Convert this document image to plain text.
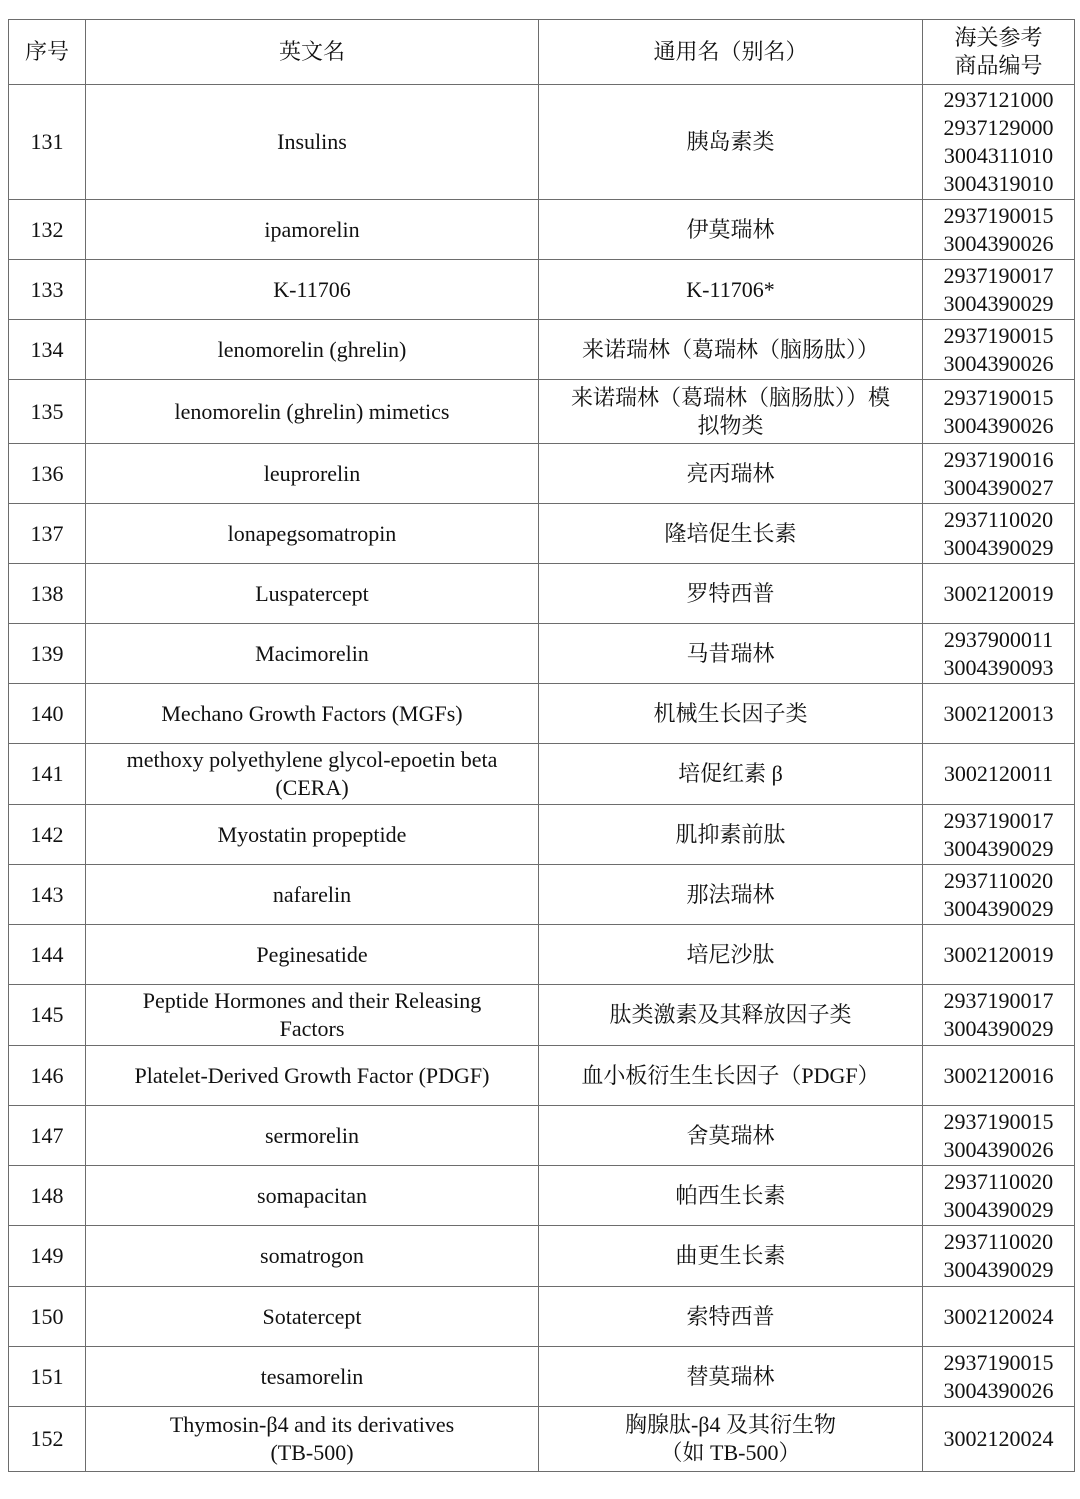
序号	英文名	通用名（别名）	海关参考
商品编号

131	Insulins	胰岛素类	2937121000
2937129000
3004311010
3004319010

132	ipamorelin	伊莫瑞林	2937190015
3004390026

133	K-11706	K-11706*	2937190017
3004390029

134	lenomorelin (ghrelin)	来诺瑞林（葛瑞林（脑肠肽））	2937190015
3004390026

135	lenomorelin (ghrelin) mimetics	来诺瑞林（葛瑞林（脑肠肽））模
拟物类	2937190015
3004390026

136	leuprorelin	亮丙瑞林	2937190016
3004390027

137	lonapegsomatropin	隆培促生长素	2937110020
3004390029

138	Luspatercept	罗特西普	3002120019

139	Macimorelin	马昔瑞林	2937900011
3004390093

140	Mechano Growth Factors (MGFs)	机械生长因子类	3002120013

141	methoxy polyethylene glycol-epoetin beta
(CERA)	培促红素 β	3002120011

142	Myostatin propeptide	肌抑素前肽	2937190017
3004390029

143	nafarelin	那法瑞林	2937110020
3004390029

144	Peginesatide	培尼沙肽	3002120019

145	Peptide Hormones and their Releasing
Factors	肽类激素及其释放因子类	2937190017
3004390029

146	Platelet-Derived Growth Factor (PDGF)	血小板衍生生长因子（PDGF）	3002120016

147	sermorelin	舍莫瑞林	2937190015
3004390026

148	somapacitan	帕西生长素	2937110020
3004390029

149	somatrogon	曲更生长素	2937110020
3004390029

150	Sotatercept	索特西普	3002120024

151	tesamorelin	替莫瑞林	2937190015
3004390026

152	Thymosin-β4 and its derivatives
(TB-500)	胸腺肽-β4 及其衍生物
（如 TB-500）	3002120024
